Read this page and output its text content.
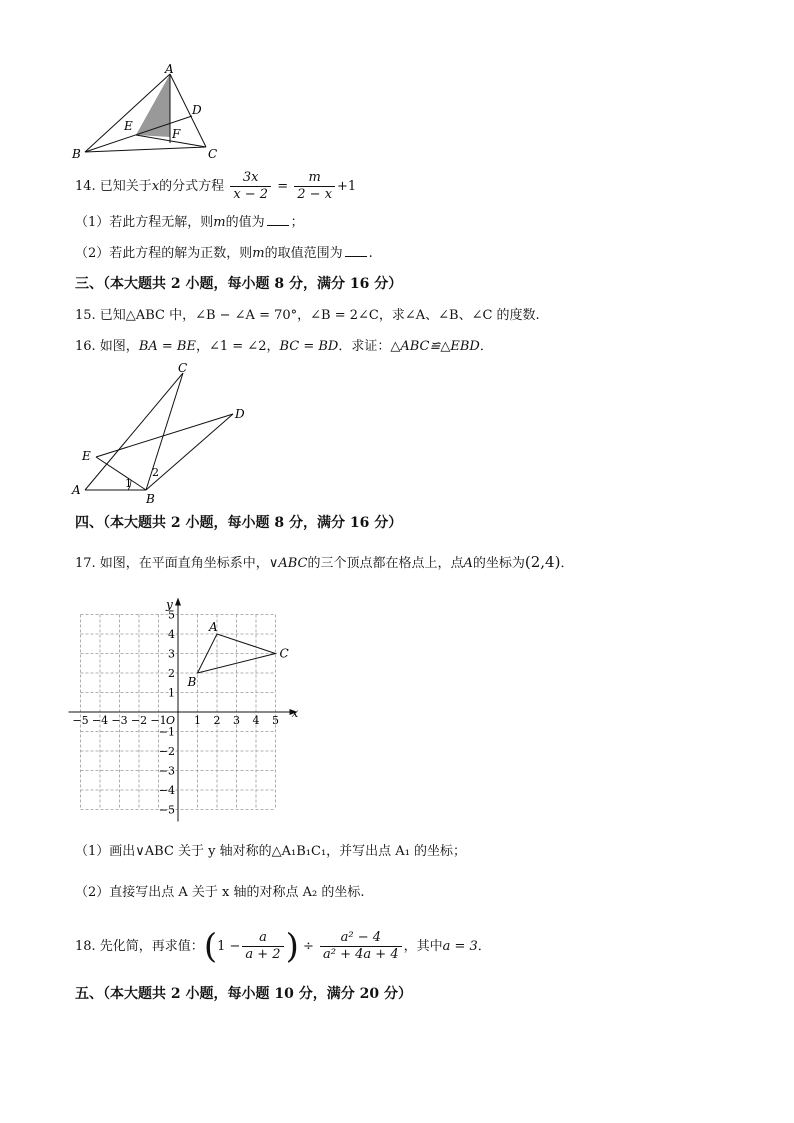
A
B	C
D
E
F
14. 已知关于x的分式方程 $\frac{3x}{x - 2} = \frac{m}{2 - x} +1$
（1）若此方程无解，则m的值为 ；
（2）若此方程的解为正数，则m的取值范围为 .
三、（本大题共 2 小题，每小题 8 分，满分 16 分）
15. 已知△ABC 中，∠B − ∠A = 70°，∠B = 2∠C，求∠A、∠B、∠C 的度数.
16. 如图，BA = BE，∠1 = ∠2，BC = BD．求证：△ABC≌△EBD．
C
D
E
A
B
1
2
四、（本大题共 2 小题，每小题 8 分，满分 16 分）
17. 如图，在平面直角坐标系中，∨ABC的三个顶点都在格点上，点A的坐标为(2,4)．
x
y
O
−5 −4 −3 −2 −1 1 2 3 4 5
5
4
3
2
1
−1
−2
−3
−4
−5
A
B
C
（1）画出∨ABC 关于 y 轴对称的△A₁B₁C₁，并写出点 A₁ 的坐标；
（2）直接写出点 A 关于 x 轴的对称点 A₂ 的坐标.
18. 先化简，再求值：($1 - \frac{a}{a + 2}$ ) ÷ $\frac{\text{a² − 4}}{\text{a² + 4a + 4}}$ ，其中a = 3．
五、（本大题共 2 小题，每小题 10 分，满分 20 分）
